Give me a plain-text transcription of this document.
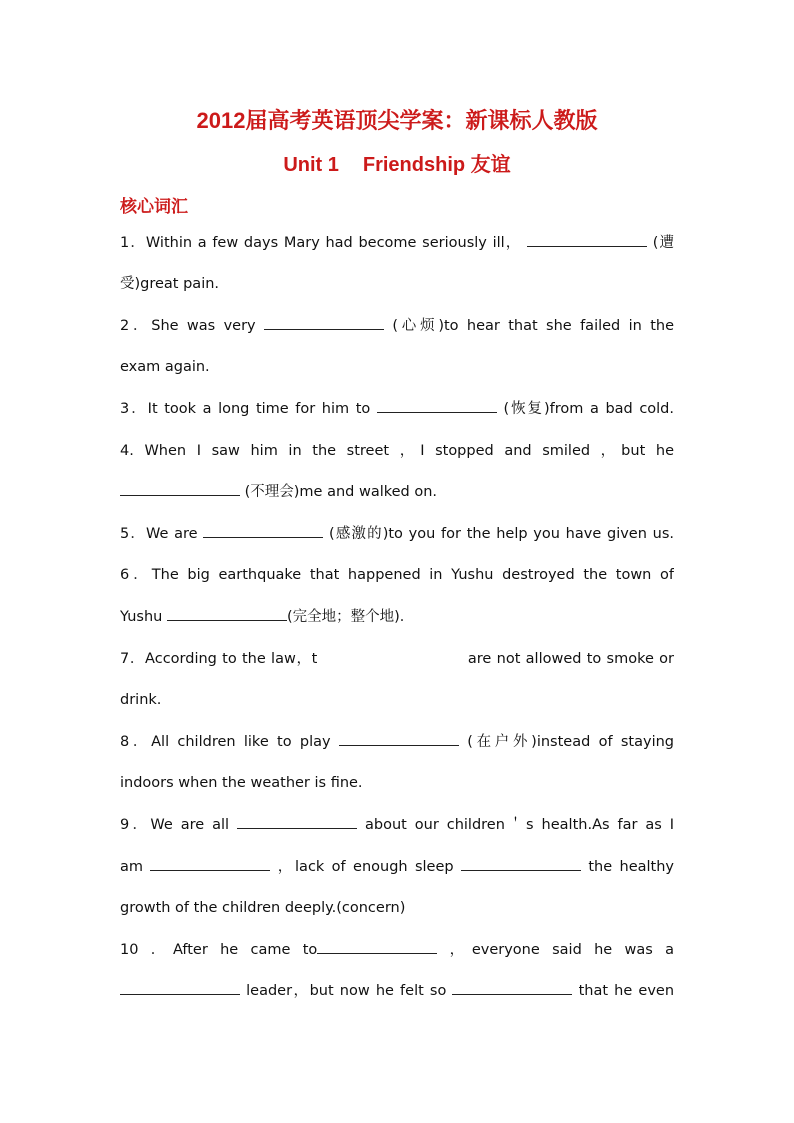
2012届高考英语顶尖学案：新课标人教版
Unit 1 Friendship 友谊
核心词汇
1．Within a few days Mary had become seriously ill，	(遭
受)great pain.
2．She was very	(心烦)to hear that she failed in the
exam again.
3．It took a long time for him to	(恢复)from a bad cold.
4. When I saw him in the street ，I stopped and smiled ，but he
(不理会)me and walked on.
5．We are	(感激的)to you for the help you have given us.
6．The big earthquake that happened in Yushu destroyed the town of
Yushu	(完全地；整个地)．
7．According to the law，t	are not allowed to smoke or
drink.
8．All children like to play	(在户外)instead of staying
indoors when the weather is fine.
9．We are all	about our children＇s health.As far as I
am	，lack of enough sleep	the healthy
growth of the children deeply.(concern)
10 ．After he came to	，everyone said he was a
leader，but now he felt so	that he even
